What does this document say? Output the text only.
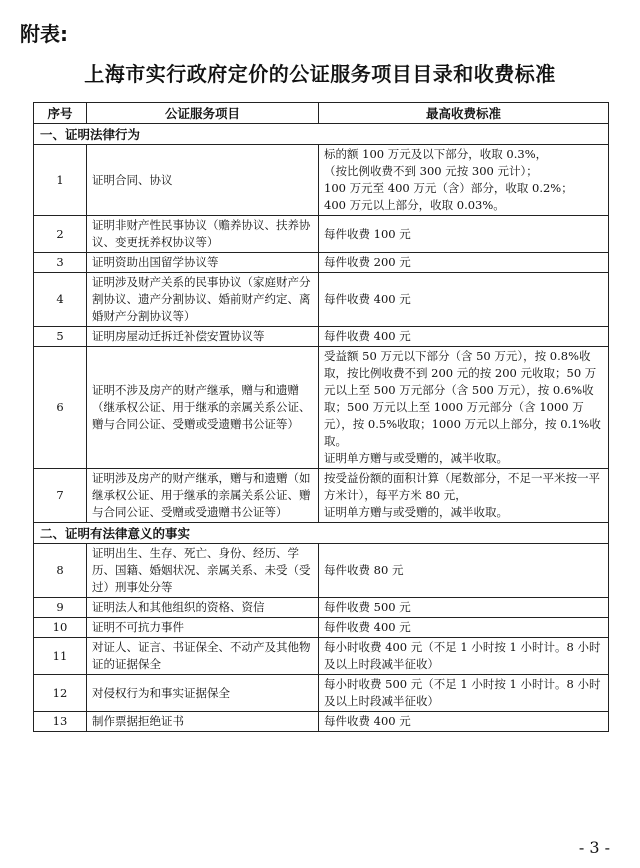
附表:
上海市实行政府定价的公证服务项目目录和收费标准
序号	公证服务项目	最高收费标准
一、证明法律行为		
1	证明合同、协议	标的额 100 万元及以下部分，收取 0.3%，
（按比例收费不到 300 元按 300 元计）；
100 万元至 400 万元（含）部分，收取 0.2%；
400 万元以上部分，收取 0.03%。

2	证明非财产性民事协议（赡养协议、扶养协议、变更抚养权协议等）	每件收费 100 元

3	证明资助出国留学协议等	每件收费 200 元

4	证明涉及财产关系的民事协议（家庭财产分割协议、遗产分割协议、婚前财产约定、离婚财产分割协议等）	每件收费 400 元

5	证明房屋动迁拆迁补偿安置协议等	每件收费 400 元

6	证明不涉及房产的财产继承，赠与和遗赠（继承权公证、用于继承的亲属关系公证、赠与合同公证、受赠或受遗赠书公证等）	受益额 50 万元以下部分（含 50 万元），按 0.8%收取，按比例收费不到 200 元的按 200 元收取；50 万元以上至 500 万元部分（含 500 万元），按 0.6%收取；500 万元以上至 1000 万元部分（含 1000 万元），按 0.5%收取；1000 万元以上部分，按 0.1%收取。
证明单方赠与或受赠的，减半收取。

7	证明涉及房产的财产继承，赠与和遗赠（如继承权公证、用于继承的亲属关系公证、赠与合同公证、受赠或受遗赠书公证等）	按受益份额的面积计算（尾数部分，不足一平米按一平方米计），每平方米 80 元，
证明单方赠与或受赠的，减半收取。

二、证明有法律意义的事实		
8	证明出生、生存、死亡、身份、经历、学历、国籍、婚姻状况、亲属关系、未受（受过）刑事处分等	每件收费 80 元

9	证明法人和其他组织的资格、资信	每件收费 500 元

10	证明不可抗力事件	每件收费 400 元

11	对证人、证言、书证保全、不动产及其他物证的证据保全	每小时收费 400 元（不足 1 小时按 1 小时计。8 小时及以上时段减半征收）

12	对侵权行为和事实证据保全	每小时收费 500 元（不足 1 小时按 1 小时计。8 小时及以上时段减半征收）

13	制作票据拒绝证书	每件收费 400 元
- 3 -
